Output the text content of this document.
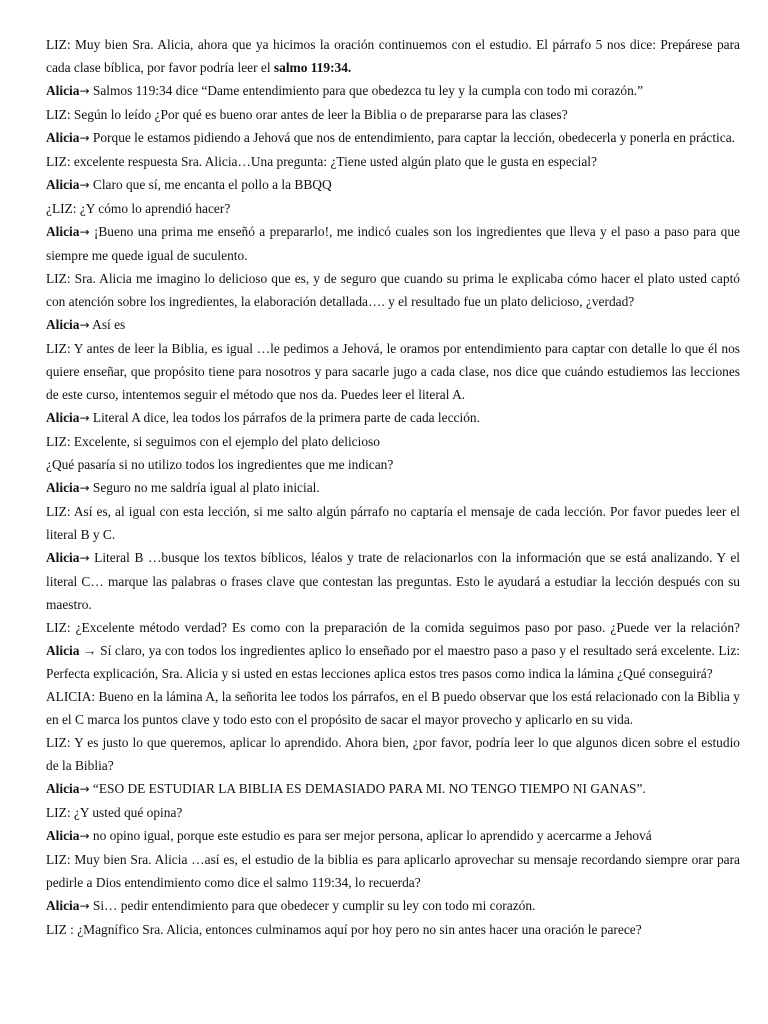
LIZ: Muy bien Sra. Alicia, ahora que ya hicimos la oración continuemos con el estudio. El párrafo 5 nos dice: Prepárese para cada clase bíblica, por favor podría leer el salmo 119:34.

Alicia→ Salmos 119:34 dice “Dame entendimiento para que obedezca tu ley y la cumpla con todo mi corazón.”

LIZ: Según lo leído ¿Por qué es bueno orar antes de leer la Biblia o de prepararse para las clases?

Alicia→ Porque le estamos pidiendo a Jehová que nos de entendimiento, para captar la lección, obedecerla y ponerla en práctica.

LIZ: excelente respuesta Sra. Alicia…Una pregunta: ¿Tiene usted algún plato que le gusta en especial?

Alicia→ Claro que sí, me encanta el pollo a la BBQQ

¿LIZ: ¿Y cómo lo aprendió hacer?

Alicia→ ¡Bueno una prima me enseñó a prepararlo!, me indicó cuales son los ingredientes que lleva y el paso a paso para que siempre me quede igual de suculento.

LIZ: Sra. Alicia me imagino lo delicioso que es, y de seguro que cuando su prima le explicaba cómo hacer el plato usted captó con atención sobre los ingredientes, la elaboración detallada…. y el resultado fue un plato delicioso, ¿verdad?

Alicia→ Así es

LIZ: Y antes de leer la Biblia, es igual …le pedimos a Jehová, le oramos por entendimiento para captar con detalle lo que él nos quiere enseñar, que propósito tiene para nosotros y para sacarle jugo a cada clase, nos dice que cuándo estudiemos las lecciones de este curso, intentemos seguir el método que nos da. Puedes leer el literal A.

Alicia→ Literal A dice, lea todos los párrafos de la primera parte de cada lección.

LIZ: Excelente, si seguimos con el ejemplo del plato delicioso

¿Qué pasaría si no utilizo todos los ingredientes que me indican?

Alicia→ Seguro no me saldría igual al plato inicial.

LIZ: Así es, al igual con esta lección, si me salto algún párrafo no captaría el mensaje de cada lección. Por favor puedes leer el literal B y C.

Alicia→ Literal B …busque los textos bíblicos, léalos y trate de relacionarlos con la información que se está analizando. Y el literal C… marque las palabras o frases clave que contestan las preguntas. Esto le ayudará a estudiar la lección después con su maestro.

LIZ: ¿Excelente método verdad? Es como con la preparación de la comida seguimos paso por paso. ¿Puede ver la relación? Alicia → Sí claro, ya con todos los ingredientes aplico lo enseñado por el maestro paso a paso y el resultado será excelente. Liz: Perfecta explicación, Sra. Alicia y si usted en estas lecciones aplica estos tres pasos como indica la lámina ¿Qué conseguirá?

ALICIA: Bueno en la lámina A, la señorita lee todos los párrafos, en el B puedo observar que los está relacionado con la Biblia y en el C marca los puntos clave y todo esto con el propósito de sacar el mayor provecho y aplicarlo en su vida.

LIZ: Y es justo lo que queremos, aplicar lo aprendido. Ahora bien, ¿por favor, podría leer lo que algunos dicen sobre el estudio de la Biblia?

Alicia→ “ESO DE ESTUDIAR LA BIBLIA ES DEMASIADO PARA MI. NO TENGO TIEMPO NI GANAS”.

LIZ: ¿Y usted qué opina?

Alicia→ no opino igual, porque este estudio es para ser mejor persona, aplicar lo aprendido y acercarme a Jehová

LIZ: Muy bien Sra. Alicia …así es, el estudio de la biblia es para aplicarlo aprovechar su mensaje recordando siempre orar para pedirle a Dios entendimiento como dice el salmo 119:34, lo recuerda?

Alicia→ Si… pedir entendimiento para que obedecer y cumplir su ley con todo mi corazón.

LIZ : ¿Magnífico Sra. Alicia, entonces culminamos aquí por hoy pero no sin antes hacer una oración le parece?
